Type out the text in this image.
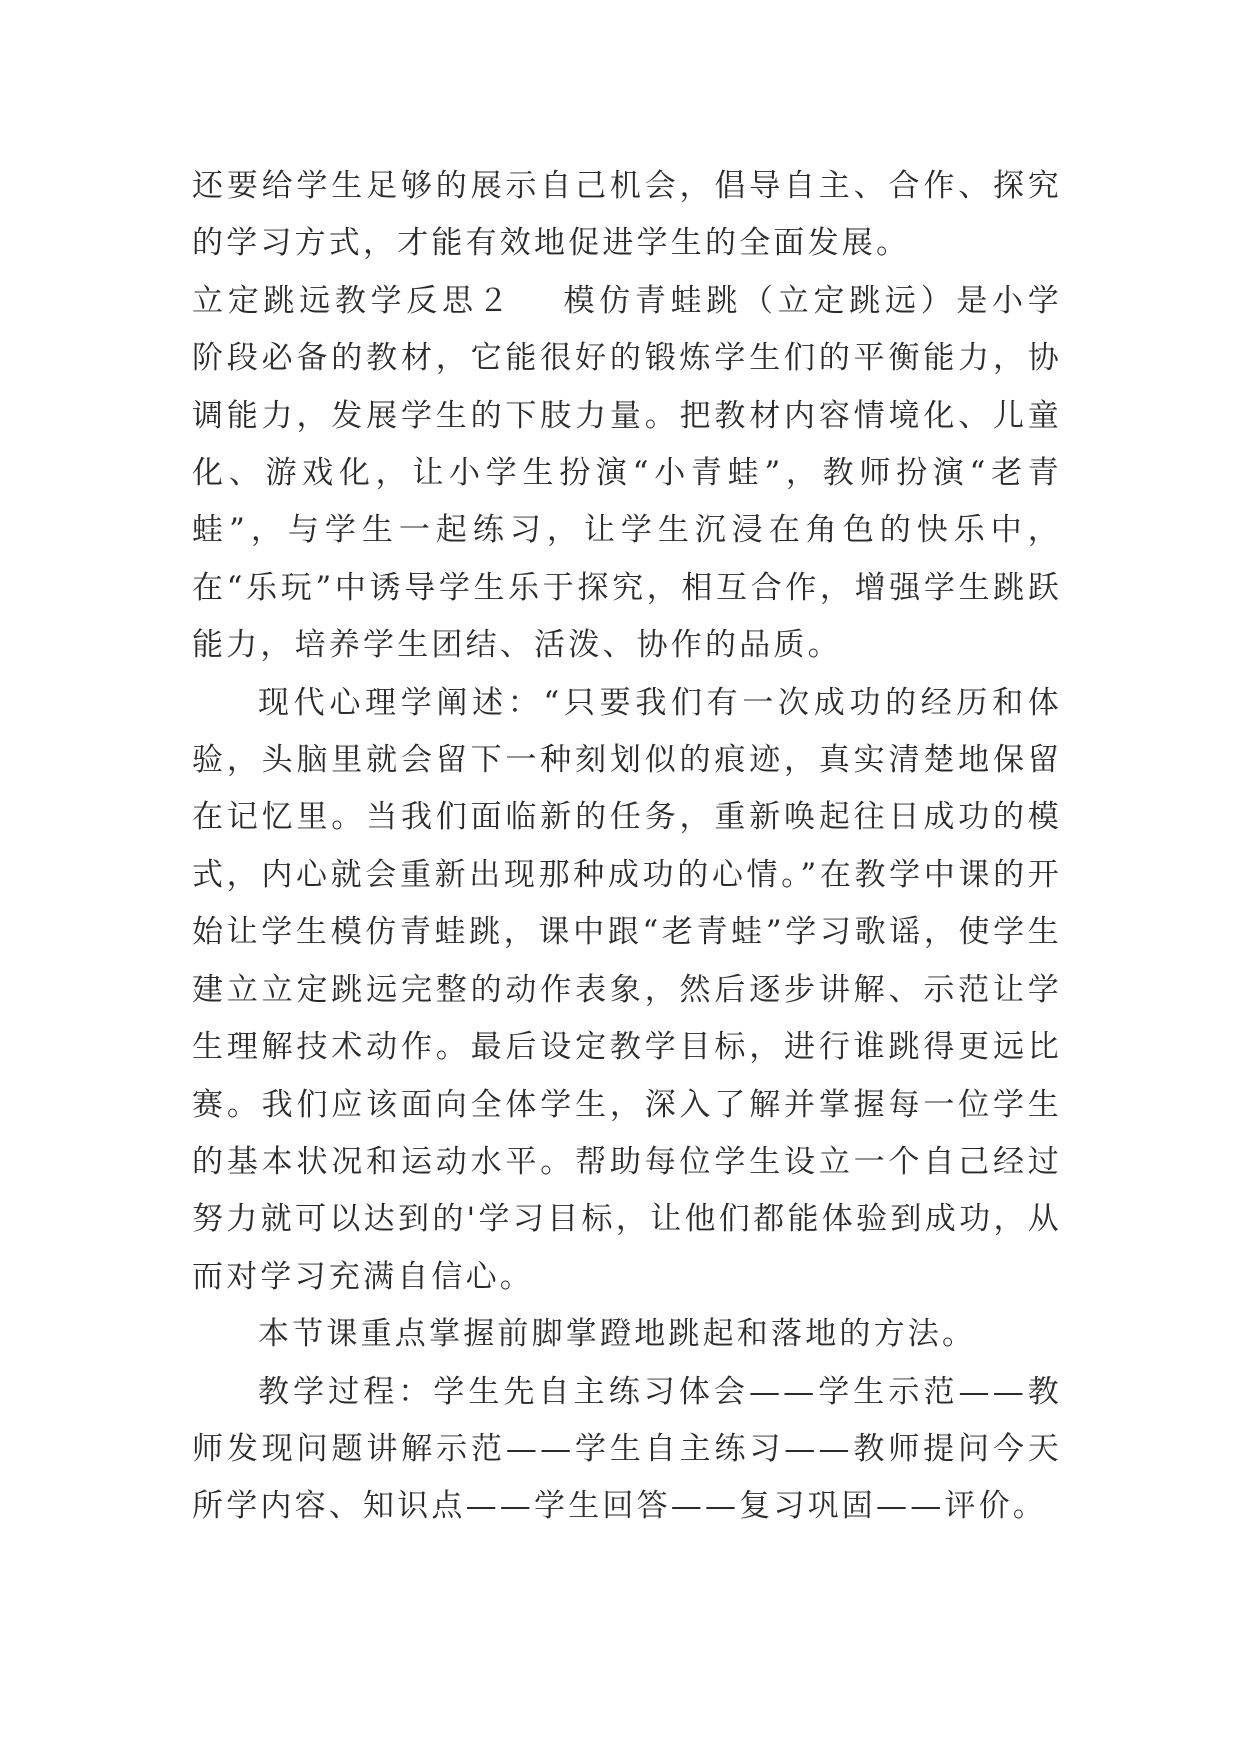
还要给学生足够的展示自己机会，倡导自主、合作、探究的学习方式，才能有效地促进学生的全面发展。

立定跳远教学反思２ 模仿青蛙跳（立定跳远）是小学阶段必备的教材，它能很好的锻炼学生们的平衡能力，协调能力，发展学生的下肢力量。把教材内容情境化、儿童化、游戏化，让小学生扮演“小青蛙”，教师扮演“老青蛙”，与学生一起练习，让学生沉浸在角色的快乐中，在“乐玩”中诱导学生乐于探究，相互合作，增强学生跳跃能力，培养学生团结、活泼、协作的品质。

现代心理学阐述：“只要我们有一次成功的经历和体验，头脑里就会留下一种刻划似的痕迹，真实清楚地保留在记忆里。当我们面临新的任务，重新唤起往日成功的模式，内心就会重新出现那种成功的心情。”在教学中课的开始让学生模仿青蛙跳，课中跟“老青蛙”学习歌谣，使学生建立立定跳远完整的动作表象，然后逐步讲解、示范让学生理解技术动作。最后设定教学目标，进行谁跳得更远比赛。我们应该面向全体学生，深入了解并掌握每一位学生的基本状况和运动水平。帮助每位学生设立一个自己经过努力就可以达到的'学习目标，让他们都能体验到成功，从而对学习充满自信心。

本节课重点掌握前脚掌蹬地跳起和落地的方法。

教学过程：学生先自主练习体会——学生示范——教师发现问题讲解示范——学生自主练习——教师提问今天所学内容、知识点——学生回答——复习巩固——评价。
